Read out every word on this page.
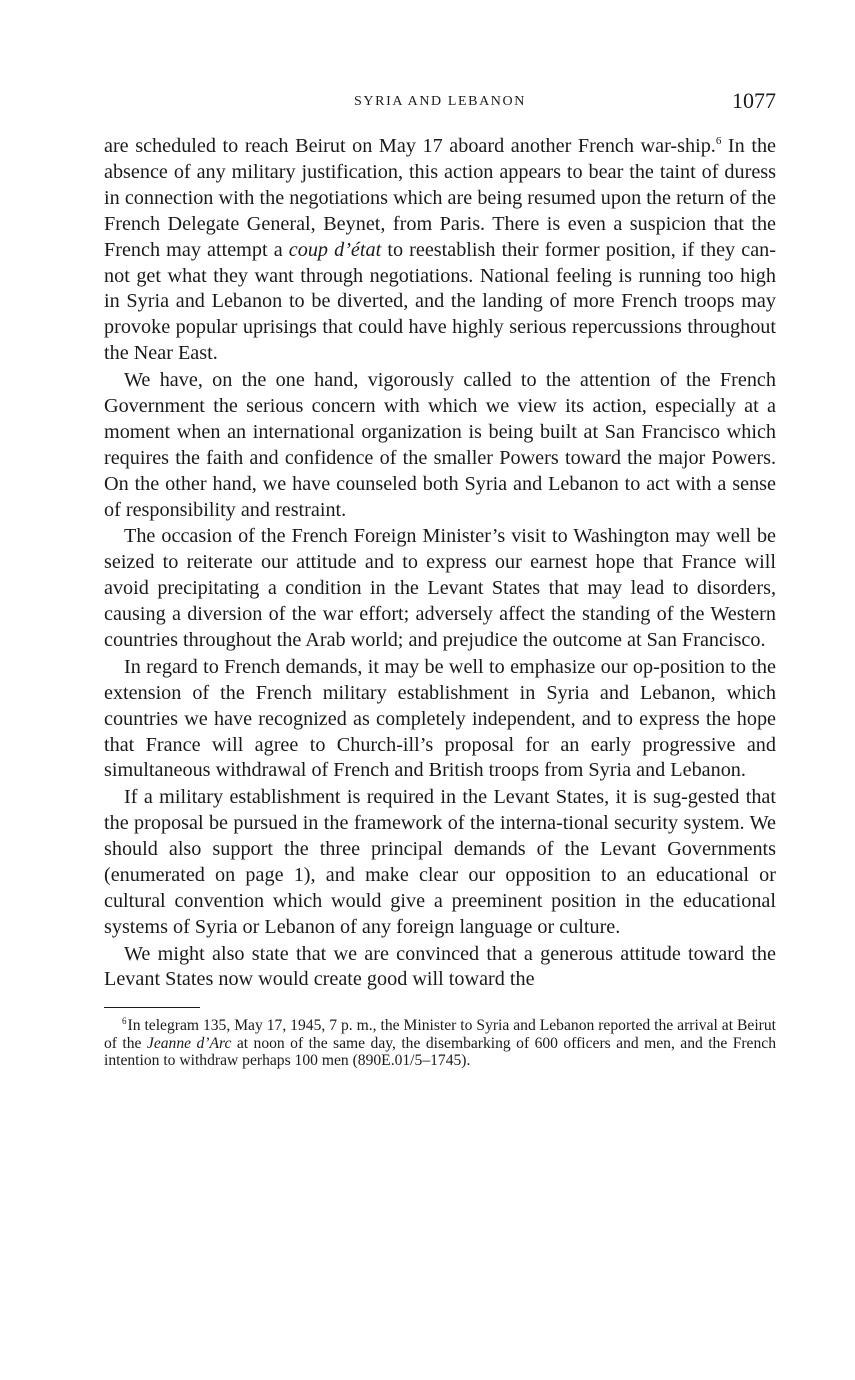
SYRIA AND LEBANON	1077

are scheduled to reach Beirut on May 17 aboard another French war-ship.$^6$ In the absence of any military justification, this action appears to bear the taint of duress in connection with the negotiations which are being resumed upon the return of the French Delegate General, Beynet, from Paris. There is even a suspicion that the French may attempt a coup d’état to reestablish their former position, if they can-not get what they want through negotiations. National feeling is running too high in Syria and Lebanon to be diverted, and the landing of more French troops may provoke popular uprisings that could have highly serious repercussions throughout the Near East.

We have, on the one hand, vigorously called to the attention of the French Government the serious concern with which we view its action, especially at a moment when an international organization is being built at San Francisco which requires the faith and confidence of the smaller Powers toward the major Powers. On the other hand, we have counseled both Syria and Lebanon to act with a sense of responsibility and restraint.

The occasion of the French Foreign Minister’s visit to Washington may well be seized to reiterate our attitude and to express our earnest hope that France will avoid precipitating a condition in the Levant States that may lead to disorders, causing a diversion of the war effort; adversely affect the standing of the Western countries throughout the Arab world; and prejudice the outcome at San Francisco.

In regard to French demands, it may be well to emphasize our op-position to the extension of the French military establishment in Syria and Lebanon, which countries we have recognized as completely independent, and to express the hope that France will agree to Church-ill’s proposal for an early progressive and simultaneous withdrawal of French and British troops from Syria and Lebanon.

If a military establishment is required in the Levant States, it is sug-gested that the proposal be pursued in the framework of the interna-tional security system. We should also support the three principal demands of the Levant Governments (enumerated on page 1), and make clear our opposition to an educational or cultural convention which would give a preeminent position in the educational systems of Syria or Lebanon of any foreign language or culture.

We might also state that we are convinced that a generous attitude toward the Levant States now would create good will toward the

$^6$In telegram 135, May 17, 1945, 7 p. m., the Minister to Syria and Lebanon reported the arrival at Beirut of the Jeanne d’Arc at noon of the same day, the disembarking of 600 officers and men, and the French intention to withdraw perhaps 100 men (890E.01/5–1745).
